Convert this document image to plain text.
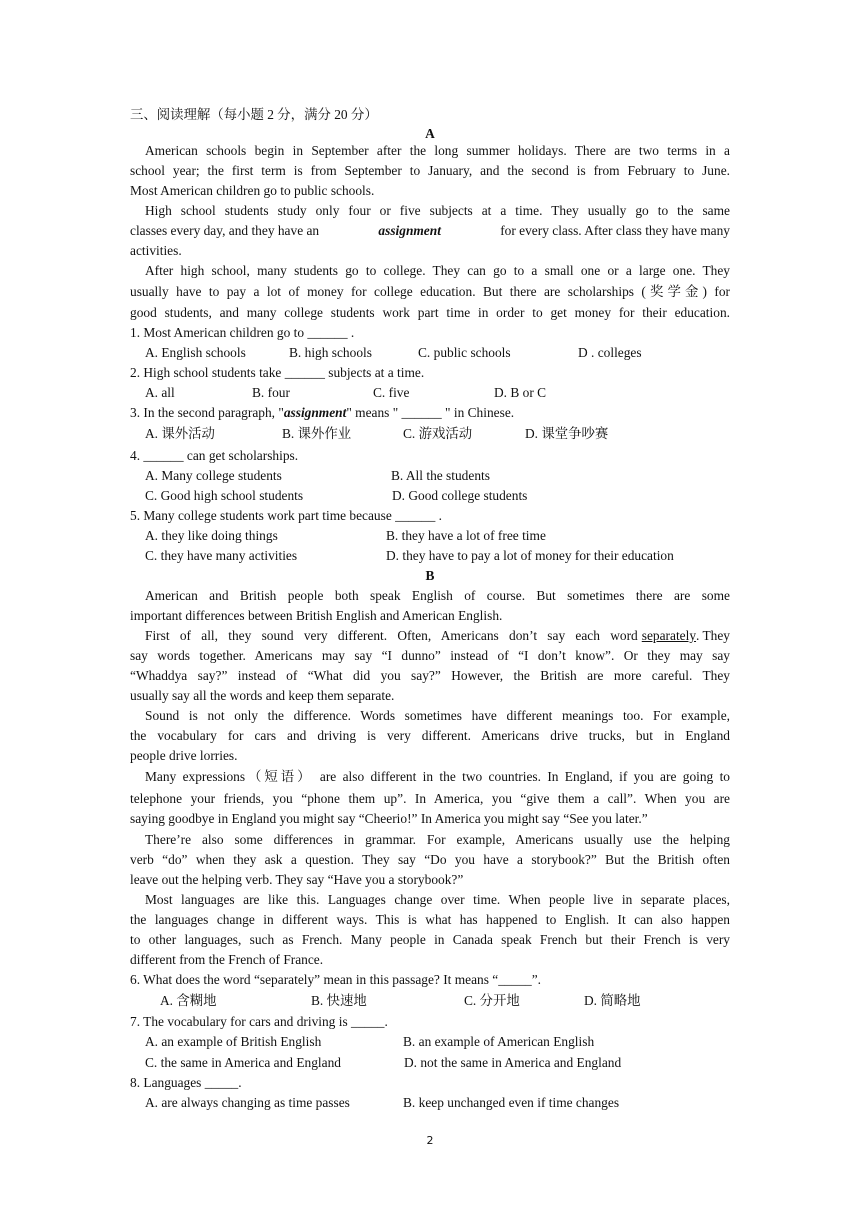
三、阅读理解（每小题 2 分，满分 20 分）
A
American schools begin in September after the long summer holidays. There are two terms in a
school year; the first term is from September to January, and the second is from February to June.
Most American children go to public schools.
High school students study only four or five subjects at a time. They usually go to the same
classes every day, and they have an	assignment	for every class. After class they have many
activities.
After high school, many students go to college. They can go to a small one or a large one. They
usually have to pay a lot of money for college education. But there are scholarships (奖学金) for
good students, and many college students work part time in order to get money for their education.
1. Most American children go to ______ .
A. English schools	B. high schools	C. public schools	D . colleges
2. High school students take ______ subjects at a time.
A. all	B. four	C. five	D. B or C
3. In the second paragraph, "assignment" means " ______ " in Chinese.
A. 课外活动	B. 课外作业	C. 游戏活动	D. 课堂争吵赛
4. ______ can get scholarships.
A. Many college students	B. All the students
C. Good high school students	D. Good college students
5. Many college students work part time because ______ .
A. they like doing things	B. they have a lot of free time
C. they have many activities	D. they have to pay a lot of money for their education
B
American and British people both speak English of course. But sometimes there are some
important differences between British English and American English.
First of all, they sound very different. Often, Americans don’t say each word separately . They
say words together. Americans may say “I dunno” instead of “I don’t know”. Or they may say
“Whaddya say?” instead of “What did you say?” However, the British are more careful. They
usually say all the words and keep them separate.
Sound is not only the difference. Words sometimes have different meanings too. For example,
the vocabulary for cars and driving is very different. Americans drive trucks, but in England
people drive lorries.
Many expressions（短语） are also different in the two countries. In England, if you are going to
telephone your friends, you “phone them up”. In America, you “give them a call”. When you are
saying goodbye in England you might say “Cheerio!” In America you might say “See you later.”
There’re also some differences in grammar. For example, Americans usually use the helping
verb “do” when they ask a question. They say “Do you have a storybook?” But the British often
leave out the helping verb. They say “Have you a storybook?”
Most languages are like this. Languages change over time. When people live in separate places,
the languages change in different ways. This is what has happened to English. It can also happen
to other languages, such as French. Many people in Canada speak French but their French is very
different from the French of France.
6. What does the word “separately” mean in this passage? It means “_____”.
A. 含糊地	B. 快速地	C. 分开地	D. 简略地
7. The vocabulary for cars and driving is _____.
A. an example of British English	B. an example of American English
C. the same in America and England	D. not the same in America and England
8. Languages _____.
A. are always changing as time passes	B. keep unchanged even if time changes
2
